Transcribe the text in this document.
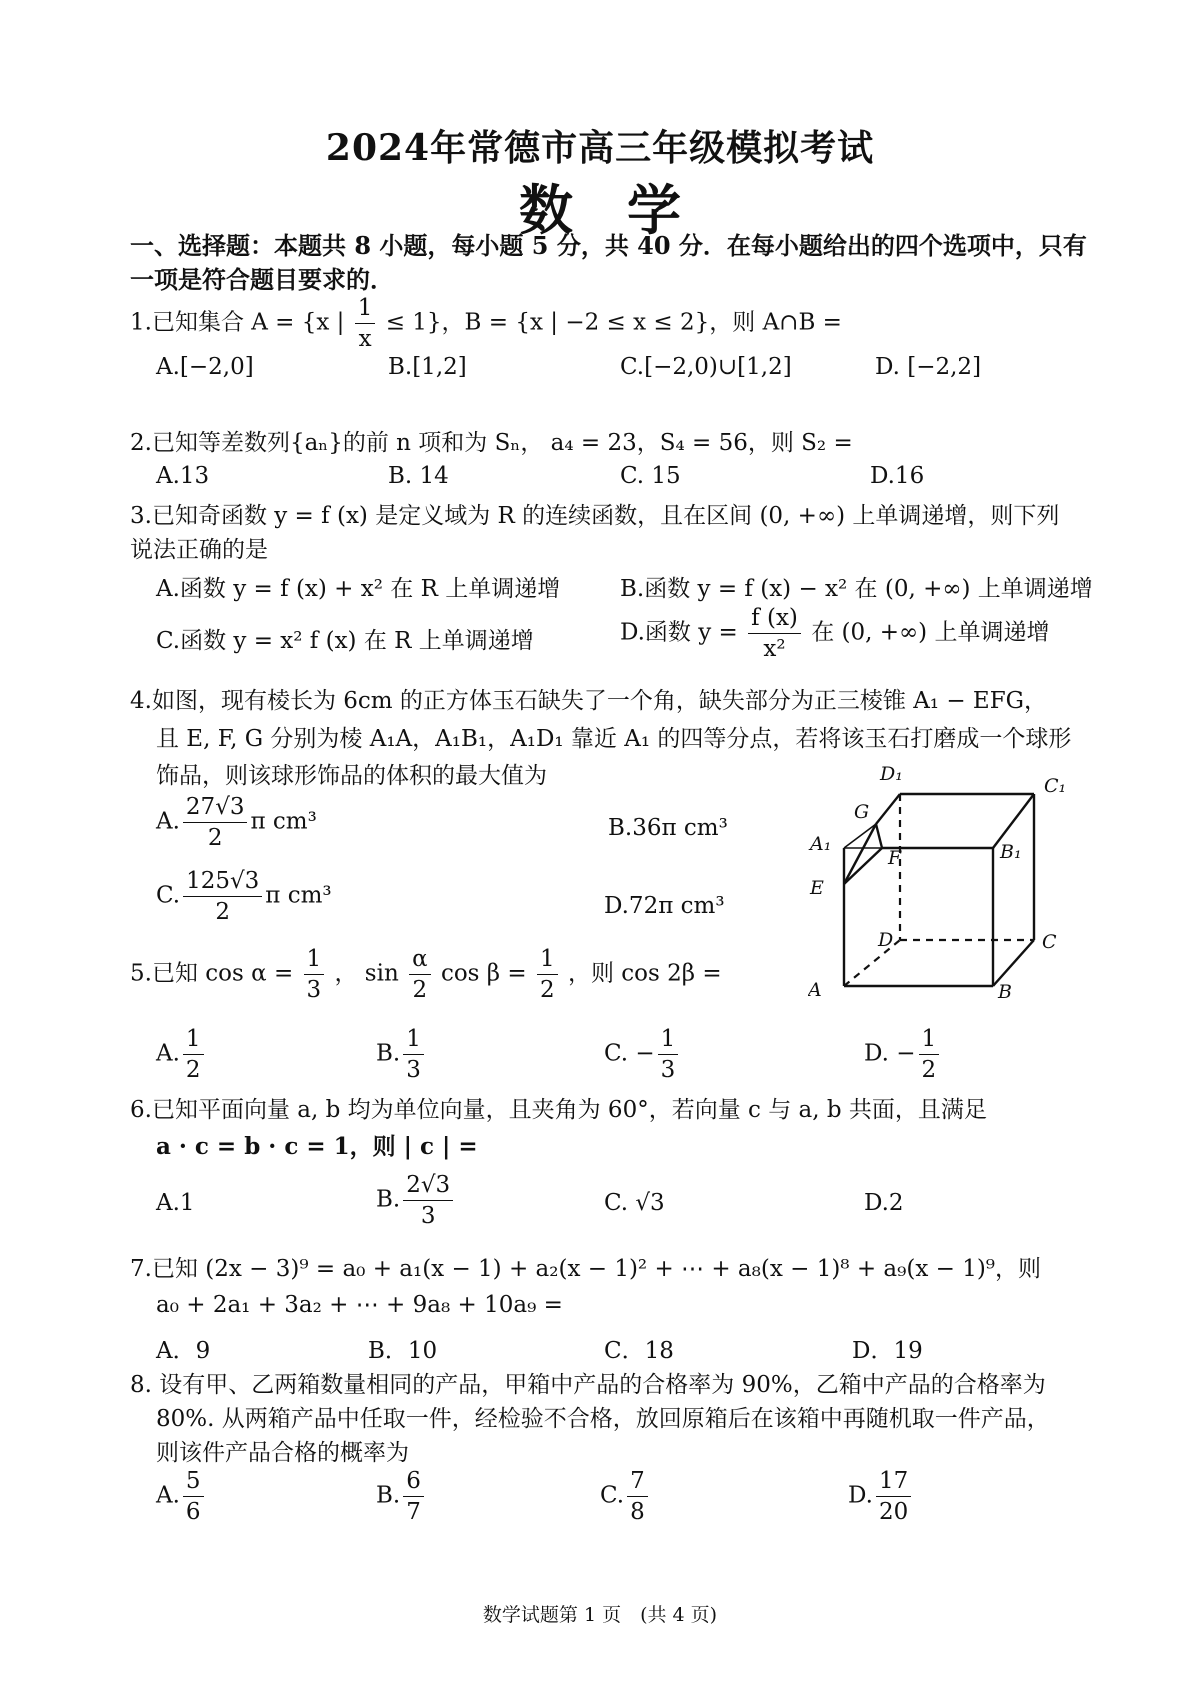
2024年常德市高三年级模拟考试
数　学
一、选择题：本题共 8 小题，每小题 5 分，共 40 分．在每小题给出的四个选项中，只有
一项是符合题目要求的．
1.已知集合 A = {x | $\frac{1}{x} \le 1$}，B = {x | −2 ≤ x ≤ 2}，则 A∩B =
A.[−2,0]	B.[1,2]	C.[−2,0)∪[1,2]	D. [−2,2]
2.已知等差数列{aₙ}的前 n 项和为 Sₙ， a₄ = 23，S₄ = 56，则 S₂ =
A.13	B. 14	C. 15	D.16
3.已知奇函数 y = f (x) 是定义域为 R 的连续函数，且在区间 (0, +∞) 上单调递增，则下列
说法正确的是
A.函数 y = f (x) + x² 在 R 上单调递增	B.函数 y = f (x) − x² 在 (0, +∞) 上单调递增
C.函数 y = x² f (x) 在 R 上单调递增	D.函数 $y = \frac{f (x)}{\text{x²}}$ 在 (0, +∞) 上单调递增
4.如图，现有棱长为 6cm 的正方体玉石缺失了一个角，缺失部分为正三棱锥 A₁ − EFG，
且 E, F, G 分别为棱 A₁A，A₁B₁，A₁D₁ 靠近 A₁ 的四等分点，若将该玉石打磨成一个球形
饰品，则该球形饰品的体积的最大值为
A. $\frac{27√3}{2}$ π cm³	B.36π cm³
C. $\frac{125√3}{2}$ π cm³	D.72π cm³
D₁
C₁
G
A₁
F	B₁
E
D	C
A	B
5.已知 $\cos \alpha = \frac{1}{3}$ ， $\sin \frac{\alpha}{2}$ $\cos \beta = \frac{1}{2}$ ，则 cos 2β =
A. $\frac{1}{2}$	B. $\frac{1}{3}$	C. − $\frac{1}{3}$	D. − $\frac{1}{2}$
6.已知平面向量 a, b 均为单位向量，且夹角为 60°，若向量 c 与 a, b 共面，且满足
a · c = b · c = 1，则 | c | =
A.1	B. $\frac{2√3}{3}$	C. √3	D.2
7.已知 (2x − 3)⁹ = a₀ + a₁(x − 1) + a₂(x − 1)² + ⋯ + a₈(x − 1)⁸ + a₉(x − 1)⁹，则
a₀ + 2a₁ + 3a₂ + ⋯ + 9a₈ + 10a₉ =
A．9	B．10	C．18	D．19
8. 设有甲、乙两箱数量相同的产品，甲箱中产品的合格率为 90%，乙箱中产品的合格率为
80%. 从两箱产品中任取一件，经检验不合格，放回原箱后在该箱中再随机取一件产品，
则该件产品合格的概率为
A. $\frac{5}{6}$	B. $\frac{6}{7}$	C. $\frac{7}{8}$	D. $\frac{17}{20}$
数学试题第 1 页　(共 4 页)
